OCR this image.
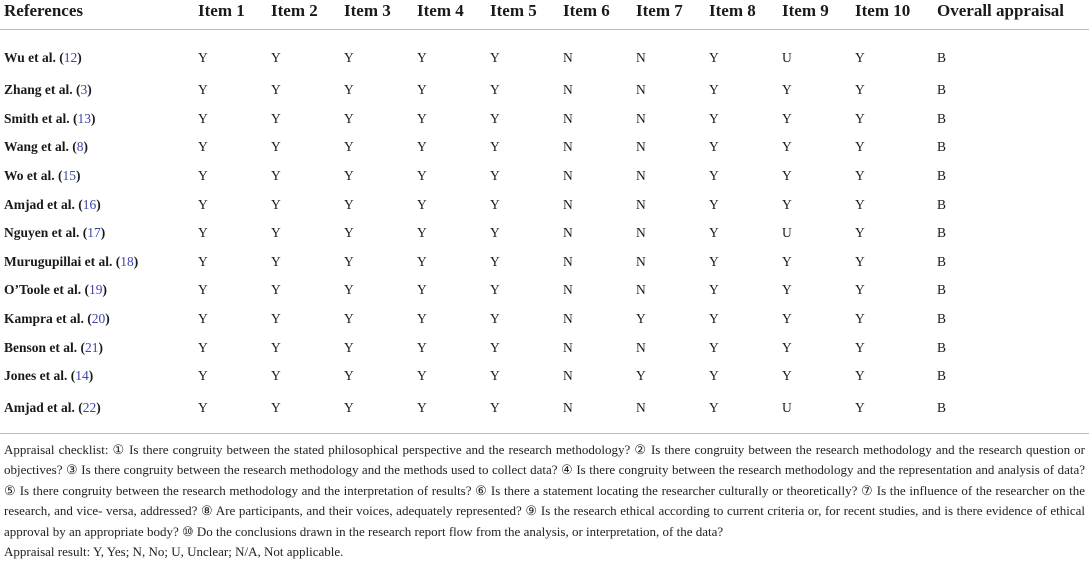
References	Item 1	Item 2	Item 3	Item 4	Item 5	Item 6	Item 7	Item 8	Item 9	Item 10	Overall appraisal
Wu et al. (12)	Y	Y	Y	Y	Y	N	N	Y	U	Y	B
Zhang et al. (3)	Y	Y	Y	Y	Y	N	N	Y	Y	Y	B
Smith et al. (13)	Y	Y	Y	Y	Y	N	N	Y	Y	Y	B
Wang et al. (8)	Y	Y	Y	Y	Y	N	N	Y	Y	Y	B
Wo et al. (15)	Y	Y	Y	Y	Y	N	N	Y	Y	Y	B
Amjad et al. (16)	Y	Y	Y	Y	Y	N	N	Y	Y	Y	B
Nguyen et al. (17)	Y	Y	Y	Y	Y	N	N	Y	U	Y	B
Murugupillai et al. (18)	Y	Y	Y	Y	Y	N	N	Y	Y	Y	B
O’Toole et al. (19)	Y	Y	Y	Y	Y	N	N	Y	Y	Y	B
Kampra et al. (20)	Y	Y	Y	Y	Y	N	Y	Y	Y	Y	B
Benson et al. (21)	Y	Y	Y	Y	Y	N	N	Y	Y	Y	B
Jones et al. (14)	Y	Y	Y	Y	Y	N	Y	Y	Y	Y	B
Amjad et al. (22)	Y	Y	Y	Y	Y	N	N	Y	U	Y	B

Appraisal checklist: ① Is there congruity between the stated philosophical perspective and the research methodology? ② Is there congruity between the research methodology and the research question or objectives? ③ Is there congruity between the research methodology and the methods used to collect data? ④ Is there congruity between the research methodology and the representation and analysis of data? ⑤ Is there congruity between the research methodology and the interpretation of results? ⑥ Is there a statement locating the researcher culturally or theoretically? ⑦ Is the influence of the researcher on the research, and vice- versa, addressed? ⑧ Are participants, and their voices, adequately represented? ⑨ Is the research ethical according to current criteria or, for recent studies, and is there evidence of ethical approval by an appropriate body? ⑩ Do the conclusions drawn in the research report flow from the analysis, or interpretation, of the data?

Appraisal result: Y, Yes; N, No; U, Unclear; N/A, Not applicable.
